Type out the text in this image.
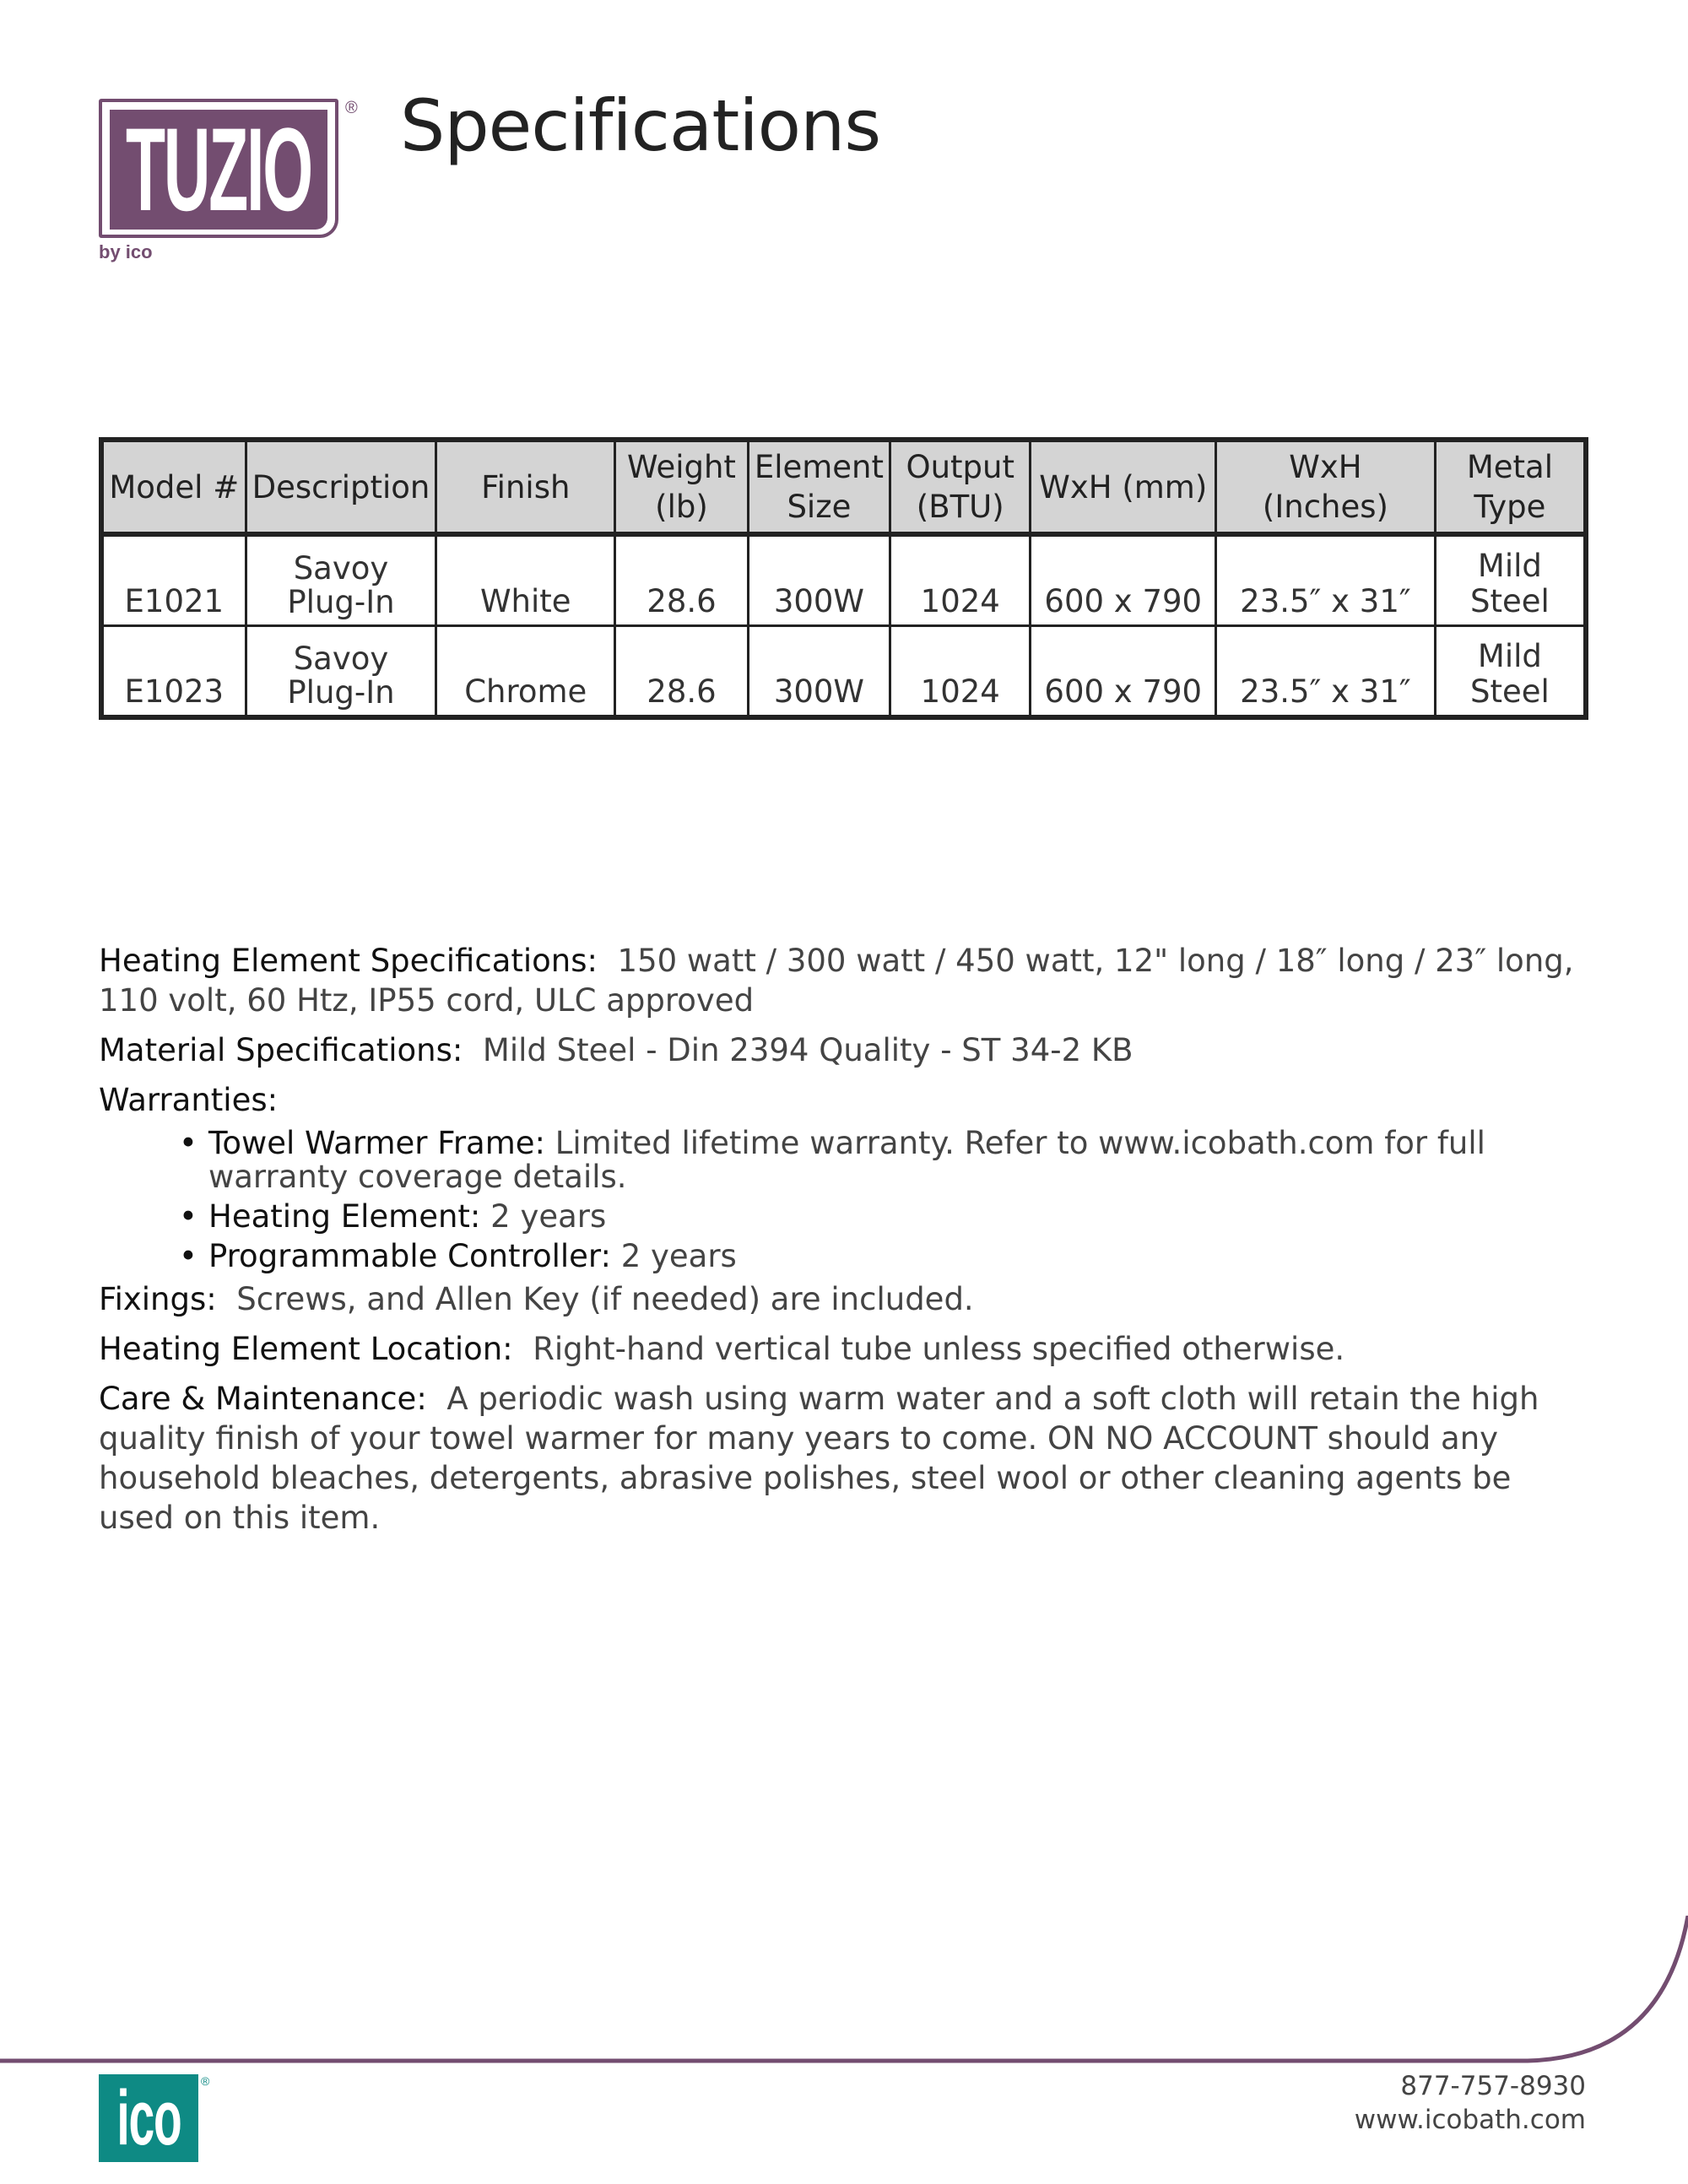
TUZIO ®
by ico
Specifications
Model #	Description	Finish	Weight (lb)	Element Size	Output (BTU)	WxH (mm)	WxH (Inches)	Metal Type
E1021	Savoy Plug-In	White	28.6	300W	1024	600 x 790	23.5″ x 31″	Mild Steel
E1023	Savoy Plug-In	Chrome	28.6	300W	1024	600 x 790	23.5″ x 31″	Mild Steel

Heating Element Specifications: 150 watt / 300 watt / 450 watt, 12" long / 18″ long / 23″ long, 110 volt, 60 Htz, IP55 cord, ULC approved

Material Specifications: Mild Steel - Din 2394 Quality - ST 34-2 KB

Warranties:

• Towel Warmer Frame: Limited lifetime warranty. Refer to www.icobath.com for full warranty coverage details.
• Heating Element: 2 years
• Programmable Controller: 2 years

Fixings: Screws, and Allen Key (if needed) are included.

Heating Element Location: Right-hand vertical tube unless specified otherwise.

Care & Maintenance: A periodic wash using warm water and a soft cloth will retain the high quality finish of your towel warmer for many years to come. ON NO ACCOUNT should any household bleaches, detergents, abrasive polishes, steel wool or other cleaning agents be used on this item.

ico ®	877-757-8930
www.icobath.com
